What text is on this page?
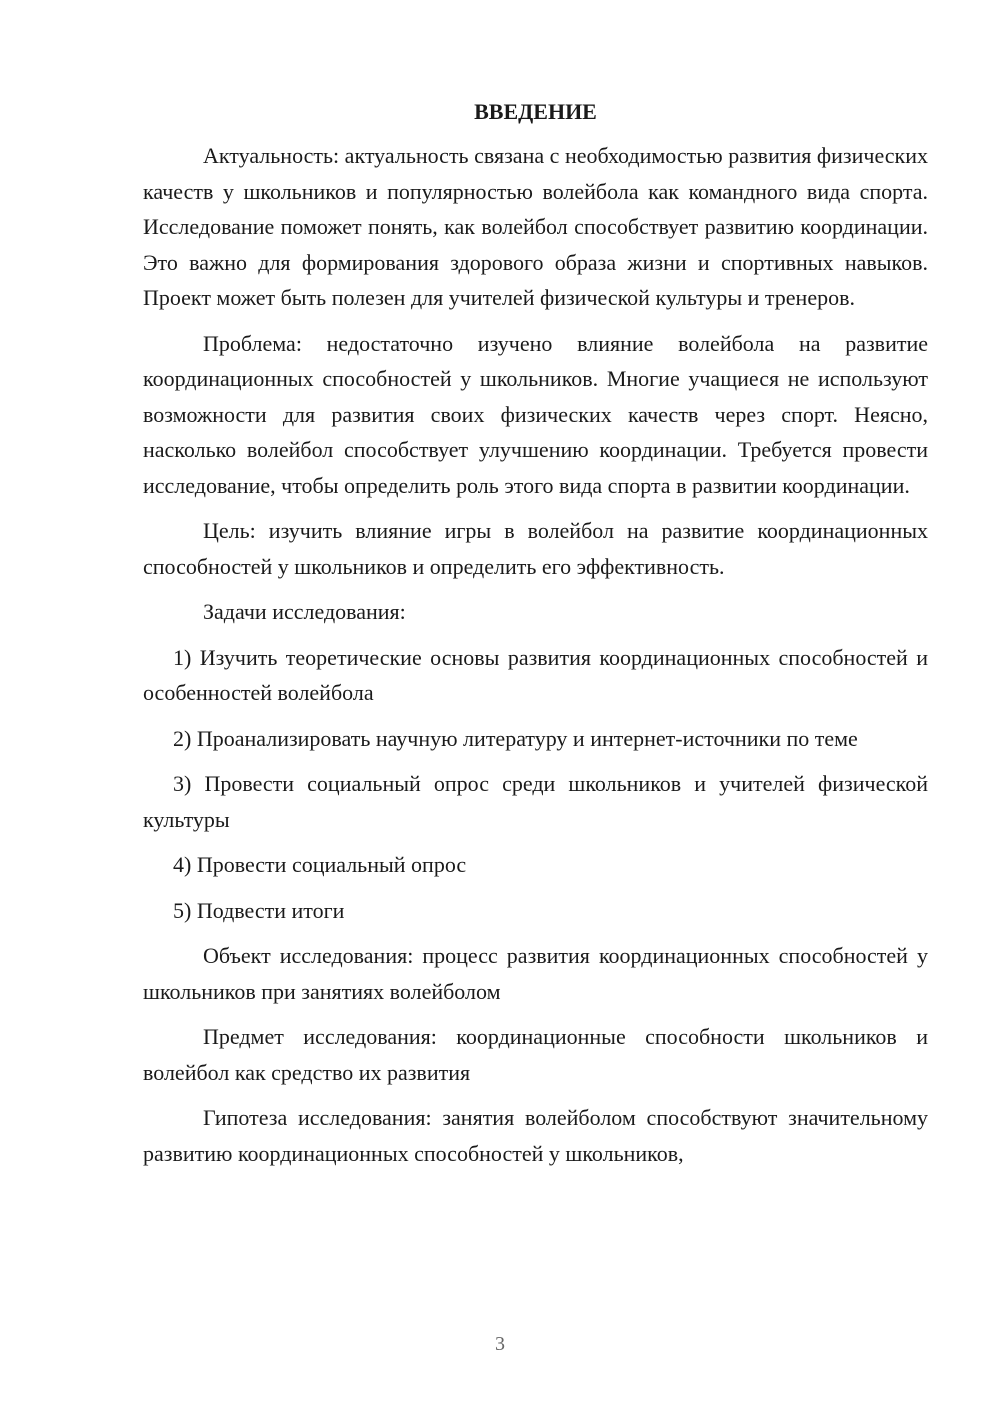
ВВЕДЕНИЕ

Актуальность: актуальность связана с необходимостью развития физических качеств у школьников и популярностью волейбола как командного вида спорта. Исследование поможет понять, как волейбол способствует развитию координации. Это важно для формирования здорового образа жизни и спортивных навыков. Проект может быть полезен для учителей физической культуры и тренеров.

Проблема: недостаточно изучено влияние волейбола на развитие координационных способностей у школьников. Многие учащиеся не используют возможности для развития своих физических качеств через спорт. Неясно, насколько волейбол способствует улучшению координации. Требуется провести исследование, чтобы определить роль этого вида спорта в развитии координации.

Цель: изучить влияние игры в волейбол на развитие координационных способностей у школьников и определить его эффективность.

Задачи исследования:

1) Изучить теоретические основы развития координационных способностей и особенностей волейбола

2) Проанализировать научную литературу и интернет-источники по теме

3) Провести социальный опрос среди школьников и учителей физической культуры

4) Провести социальный опрос

5) Подвести итоги

Объект исследования: процесс развития координационных способностей у школьников при занятиях волейболом

Предмет исследования: координационные способности школьников и волейбол как средство их развития

Гипотеза исследования: занятия волейболом способствуют значительному развитию координационных способностей у школьников,

3
